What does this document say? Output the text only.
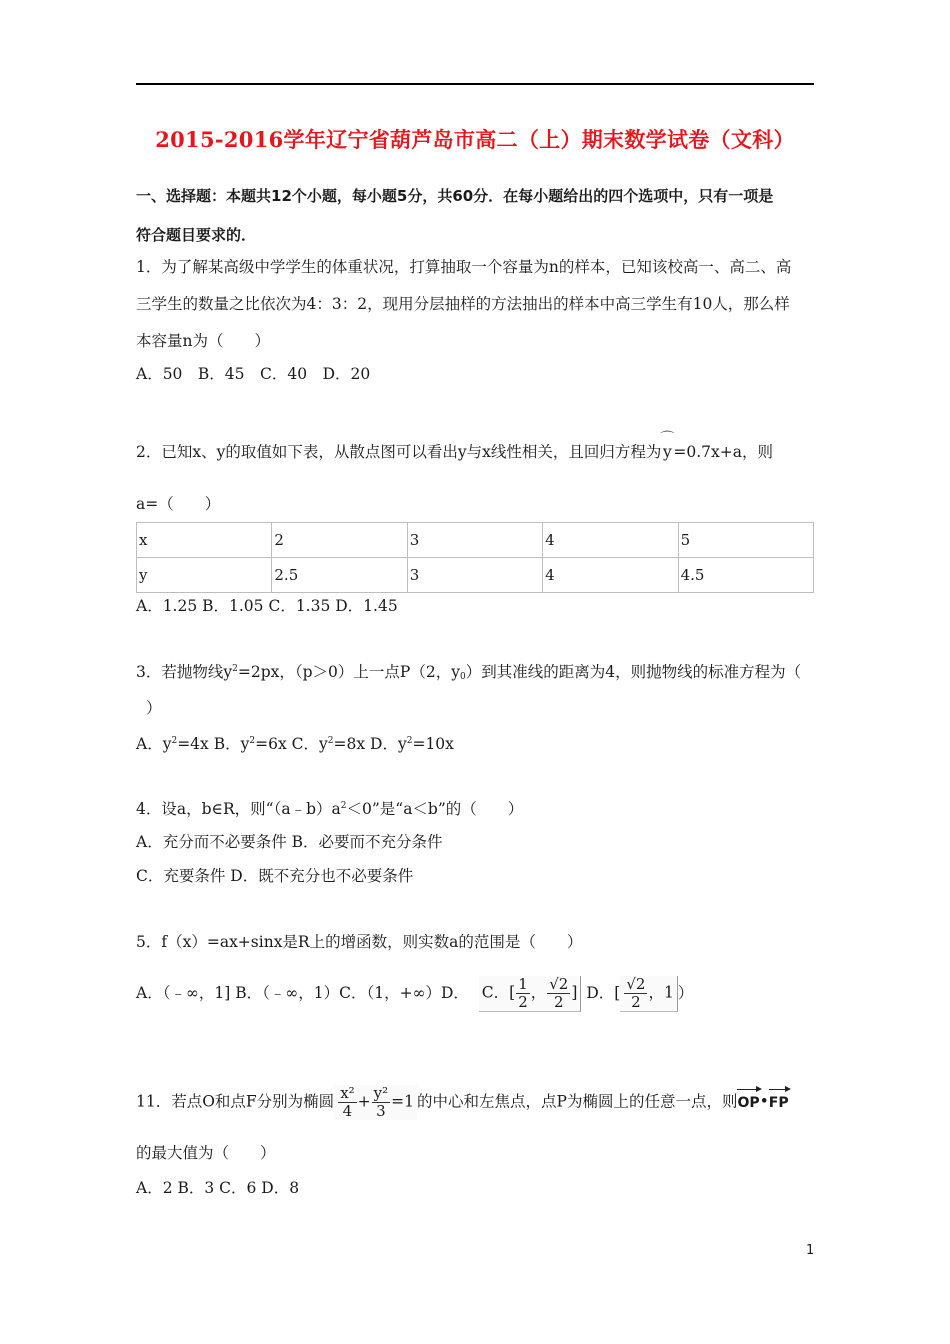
2015-2016学年辽宁省葫芦岛市高二（上）期末数学试卷（文科）
一、选择题：本题共12个小题，每小题5分，共60分．在每小题给出的四个选项中，只有一项是
符合题目要求的．
1．为了解某高级中学学生的体重状况，打算抽取一个容量为n的样本，已知该校高一、高二、高
三学生的数量之比依次为4：3：2，现用分层抽样的方法抽出的样本中高三学生有10人，那么样
本容量n为（　　）
A．50　B．45　C．40　D．20
2．已知x、y的取值如下表，从散点图可以看出y与x线性相关，且回归方程为
⌒
y =0.7x+a，则
a=（　　）
x	2	3	4	5
y	2.5	3	4	4.5
A．1.25 B．1.05 C．1.35 D．1.45
3．若抛物线$y^2=2px$，（p＞0）上一点P（2，$y_0$）到其准线的距离为4，则抛物线的标准方程为（
）
A．$y^2=4x$ B．$y^2=6x$ C．$y^2=8x$ D．$y^2=10x$
4．设a，b∈R，则“$(a﹣b)a^2<0$”是“a＜b”的（　　）
A．充分而不必要条件 B．必要而不充分条件
C．充要条件 D．既不充分也不必要条件
5．f（x）=ax+sinx是R上的增函数，则实数a的范围是（　　）
A．（﹣∞，1] B．（﹣∞，1）C．（1，+∞）D． C．[ $\frac{1}{2}$ ， $\frac{√2}{2}$ ] D．[ $\frac{√2}{2}$ ，1 ）
11．若点O和点F分别为椭圆 $\frac{\text{x²}}{4} + \frac{\text{y²}}{3} =1$ 的中心和左焦点，点P为椭圆上的任意一点，则OP•FP
的最大值为（　　）
A．2 B．3 C．6 D．8
1
